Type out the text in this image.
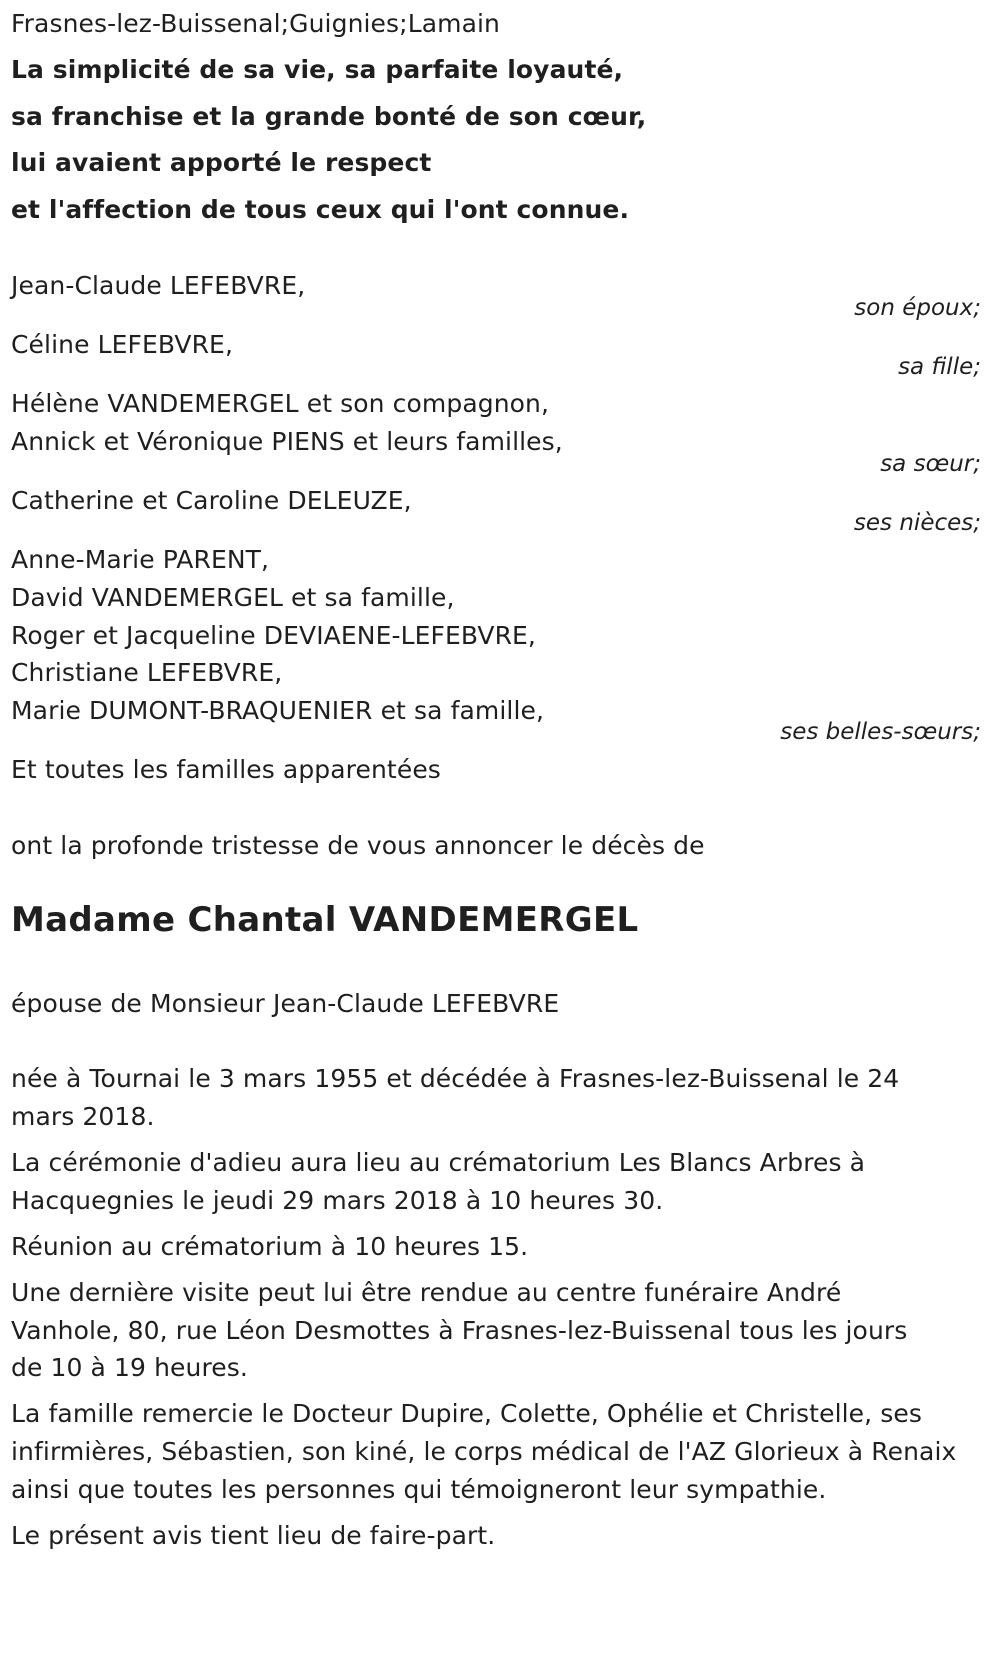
Frasnes-lez-Buissenal;Guignies;Lamain

La simplicité de sa vie, sa parfaite loyauté,

sa franchise et la grande bonté de son cœur,

lui avaient apporté le respect

et l'affection de tous ceux qui l'ont connue.

Jean-Claude LEFEBVRE,

son époux;

Céline LEFEBVRE,

sa fille;

Hélène VANDEMERGEL et son compagnon,

Annick et Véronique PIENS et leurs familles,

sa sœur;

Catherine et Caroline DELEUZE,

ses nièces;

Anne-Marie PARENT,

David VANDEMERGEL et sa famille,

Roger et Jacqueline DEVIAENE-LEFEBVRE,

Christiane LEFEBVRE,

Marie DUMONT-BRAQUENIER et sa famille,

ses belles-sœurs;

Et toutes les familles apparentées

ont la profonde tristesse de vous annoncer le décès de

Madame Chantal VANDEMERGEL

épouse de Monsieur Jean-Claude LEFEBVRE

née à Tournai le 3 mars 1955 et décédée à Frasnes-lez-Buissenal le 24

mars 2018.

La cérémonie d'adieu aura lieu au crématorium Les Blancs Arbres à

Hacquegnies le jeudi 29 mars 2018 à 10 heures 30.

Réunion au crématorium à 10 heures 15.

Une dernière visite peut lui être rendue au centre funéraire André

Vanhole, 80, rue Léon Desmottes à Frasnes-lez-Buissenal tous les jours

de 10 à 19 heures.

La famille remercie le Docteur Dupire, Colette, Ophélie et Christelle, ses

infirmières, Sébastien, son kiné, le corps médical de l'AZ Glorieux à Renaix

ainsi que toutes les personnes qui témoigneront leur sympathie.

Le présent avis tient lieu de faire-part.
